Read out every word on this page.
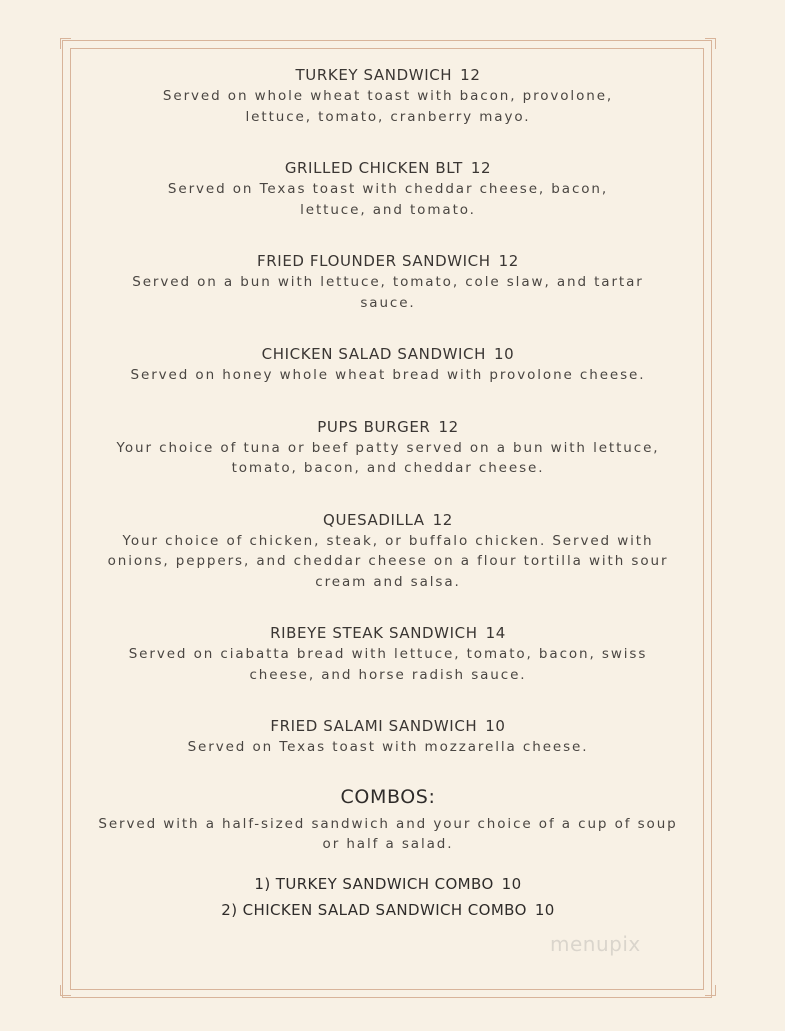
TURKEY SANDWICH 12

Served on whole wheat toast with bacon, provolone, lettuce, tomato, cranberry mayo.

GRILLED CHICKEN BLT 12

Served on Texas toast with cheddar cheese, bacon, lettuce, and tomato.

FRIED FLOUNDER SANDWICH 12

Served on a bun with lettuce, tomato, cole slaw, and tartar sauce.

CHICKEN SALAD SANDWICH 10

Served on honey whole wheat bread with provolone cheese.

PUPS BURGER 12

Your choice of tuna or beef patty served on a bun with lettuce, tomato, bacon, and cheddar cheese.

QUESADILLA 12

Your choice of chicken, steak, or buffalo chicken. Served with onions, peppers, and cheddar cheese on a flour tortilla with sour cream and salsa.

RIBEYE STEAK SANDWICH 14

Served on ciabatta bread with lettuce, tomato, bacon, swiss cheese, and horse radish sauce.

FRIED SALAMI SANDWICH 10

Served on Texas toast with mozzarella cheese.

COMBOS:

Served with a half-sized sandwich and your choice of a cup of soup or half a salad.

1) TURKEY SANDWICH COMBO 10

2) CHICKEN SALAD SANDWICH COMBO 10

menupix
